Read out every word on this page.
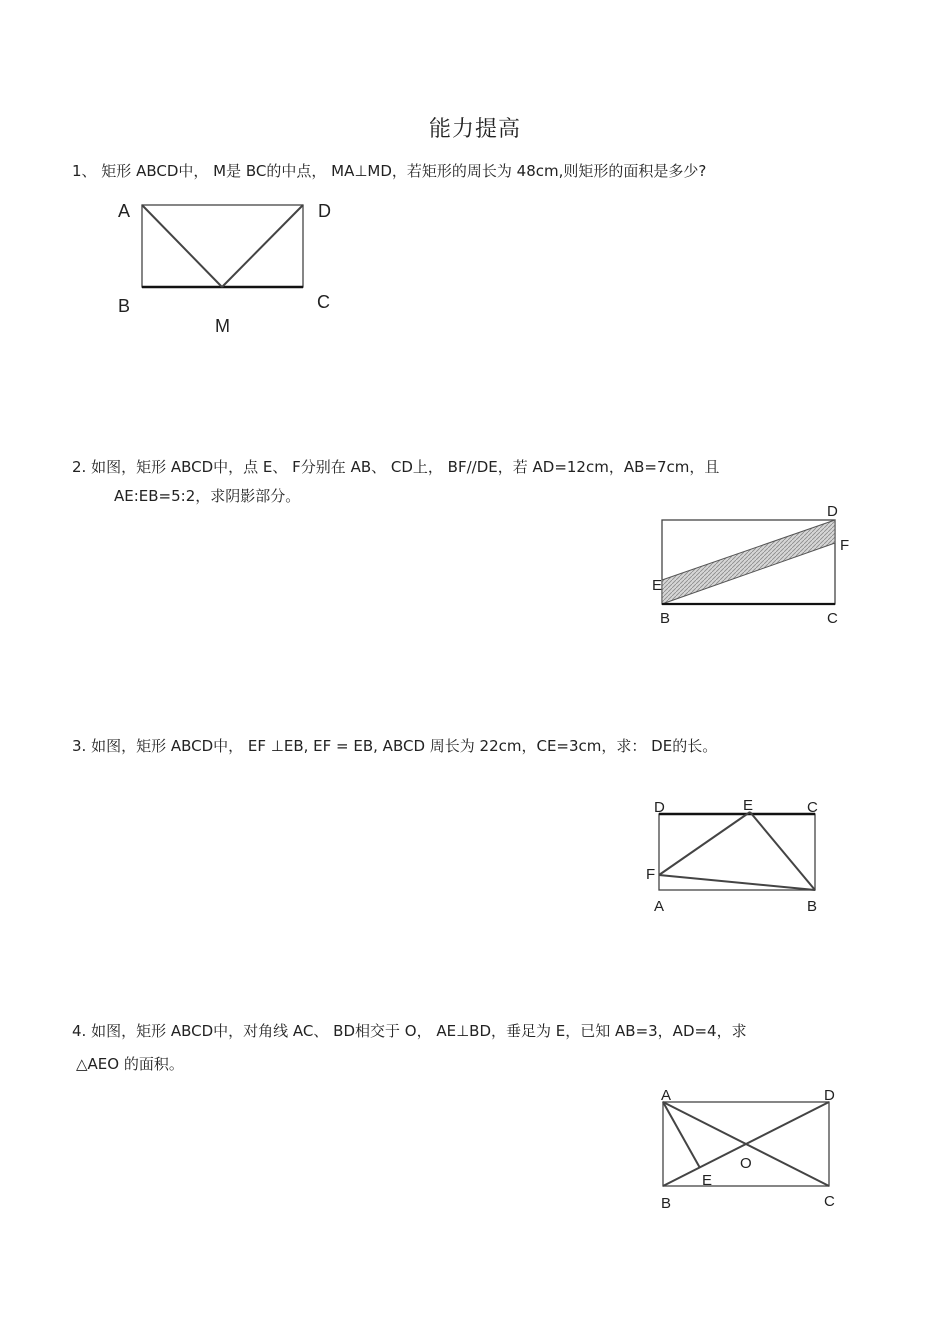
能力提高
1、 矩形 ABCD中， M是 BC的中点， MA⊥MD，若矩形的周长为 48cm,则矩形的面积是多少?
A	D
B	C
M
2. 如图，矩形 ABCD中，点 E、 F分别在 AB、 CD上， BF//DE，若 AD=12cm，AB=7cm，且
AE:EB=5:2，求阴影部分。
D
F
E
B	C
3. 如图，矩形 ABCD中， EF ⊥EB, EF = EB, ABCD 周长为 22cm，CE=3cm，求： DE的长。
D	E	C
F
A	B
4. 如图，矩形 ABCD中，对角线 AC、 BD相交于 O， AE⊥BD，垂足为 E，已知 AB=3，AD=4，求
△AEO 的面积。
A	D
O
E
B	C
